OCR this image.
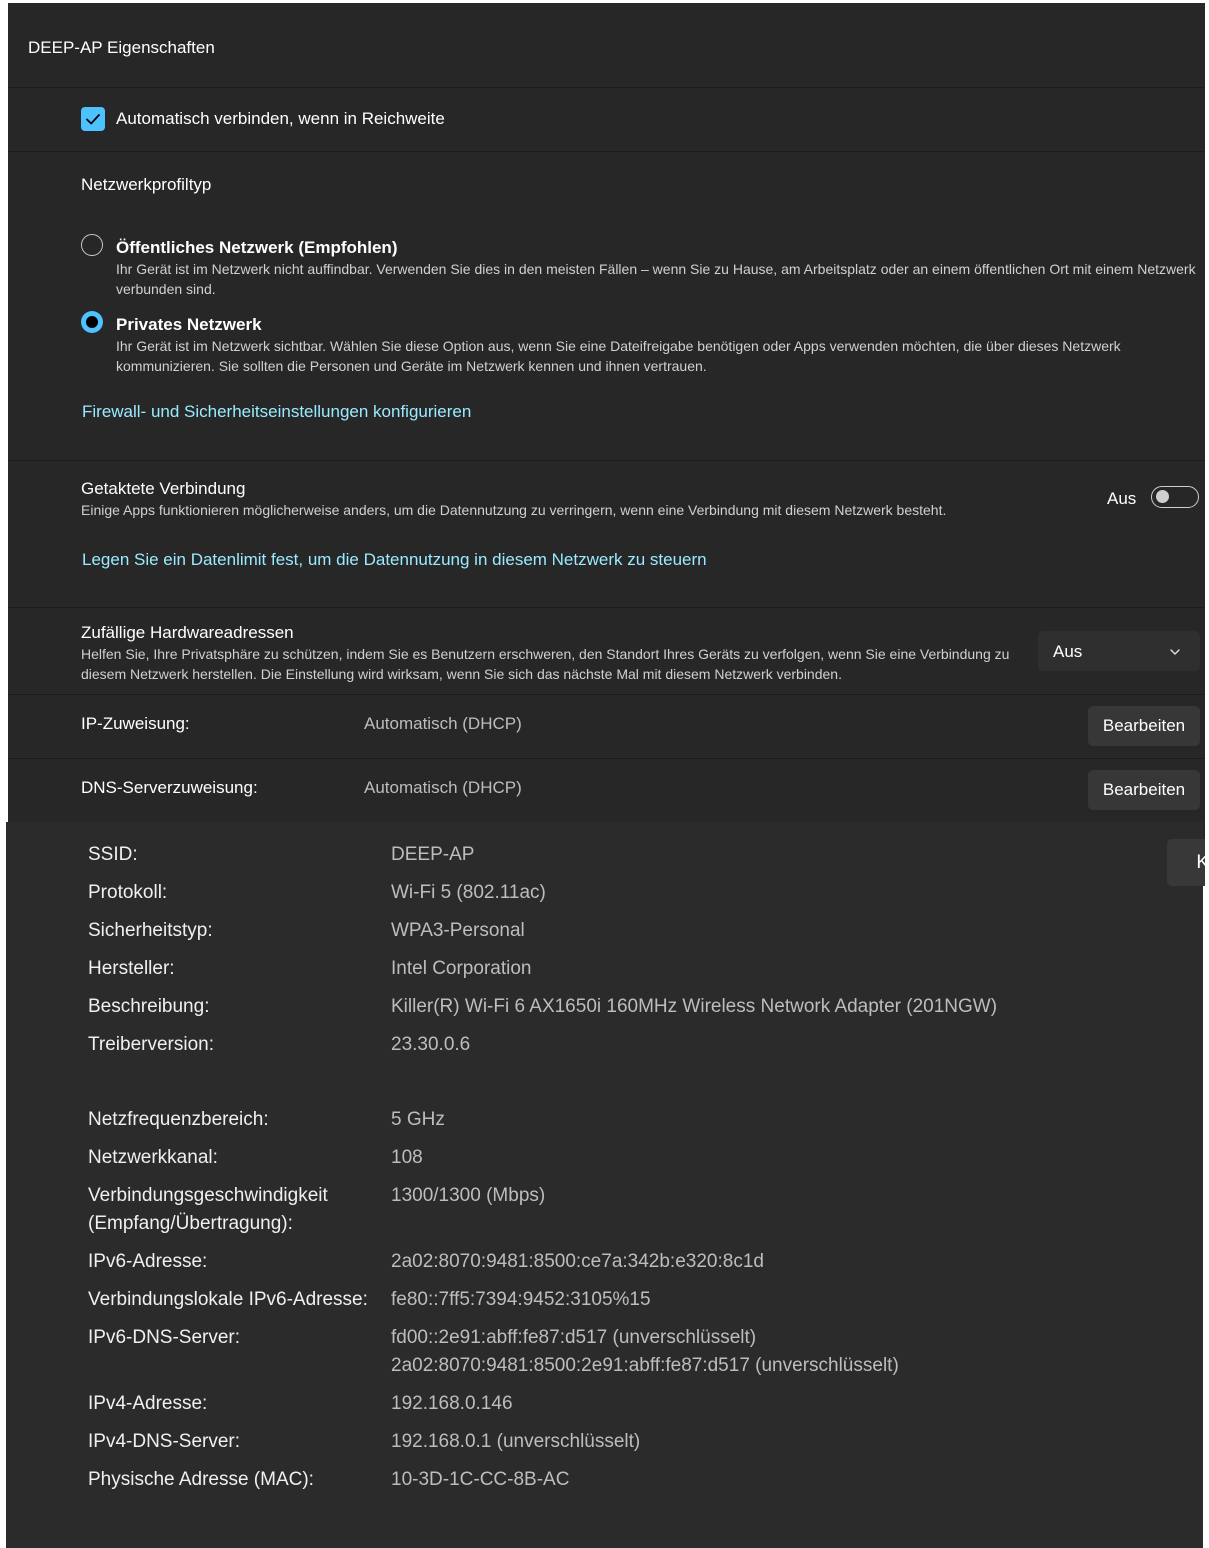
DEEP-AP Eigenschaften
Automatisch verbinden, wenn in Reichweite
Netzwerkprofiltyp
Öffentliches Netzwerk (Empfohlen)
Ihr Gerät ist im Netzwerk nicht auffindbar. Verwenden Sie dies in den meisten Fällen – wenn Sie zu Hause, am Arbeitsplatz oder an einem öffentlichen Ort mit einem Netzwerk verbunden sind.
Privates Netzwerk
Ihr Gerät ist im Netzwerk sichtbar. Wählen Sie diese Option aus, wenn Sie eine Dateifreigabe benötigen oder Apps verwenden möchten, die über dieses Netzwerk kommunizieren. Sie sollten die Personen und Geräte im Netzwerk kennen und ihnen vertrauen.
Firewall- und Sicherheitseinstellungen konfigurieren
Getaktete Verbindung
Einige Apps funktionieren möglicherweise anders, um die Datennutzung zu verringern, wenn eine Verbindung mit diesem Netzwerk besteht.
Aus
Legen Sie ein Datenlimit fest, um die Datennutzung in diesem Netzwerk zu steuern
Zufällige Hardwareadressen
Helfen Sie, Ihre Privatsphäre zu schützen, indem Sie es Benutzern erschweren, den Standort Ihres Geräts zu verfolgen, wenn Sie eine Verbindung zu diesem Netzwerk herstellen. Die Einstellung wird wirksam, wenn Sie sich das nächste Mal mit diesem Netzwerk verbinden.
Aus
IP-Zuweisung:	Automatisch (DHCP)	Bearbeiten
DNS-Serverzuweisung:	Automatisch (DHCP)	Bearbeiten
K
SSID:	DEEP-AP
Protokoll:	Wi-Fi 5 (802.11ac)
Sicherheitstyp:	WPA3-Personal
Hersteller:	Intel Corporation
Beschreibung:	Killer(R) Wi-Fi 6 AX1650i 160MHz Wireless Network Adapter (201NGW)
Treiberversion:	23.30.0.6
Netzfrequenzbereich:	5 GHz
Netzwerkkanal:	108
Verbindungsgeschwindigkeit
(Empfang/Übertragung):
1300/1300 (Mbps)
IPv6-Adresse:	2a02:8070:9481:8500:ce7a:342b:e320:8c1d
Verbindungslokale IPv6-Adresse: fe80::7ff5:7394:9452:3105%15
IPv6-DNS-Server:	fd00::2e91:abff:fe87:d517 (unverschlüsselt)
2a02:8070:9481:8500:2e91:abff:fe87:d517 (unverschlüsselt)
IPv4-Adresse:	192.168.0.146
IPv4-DNS-Server:	192.168.0.1 (unverschlüsselt)
Physische Adresse (MAC):	10-3D-1C-CC-8B-AC
